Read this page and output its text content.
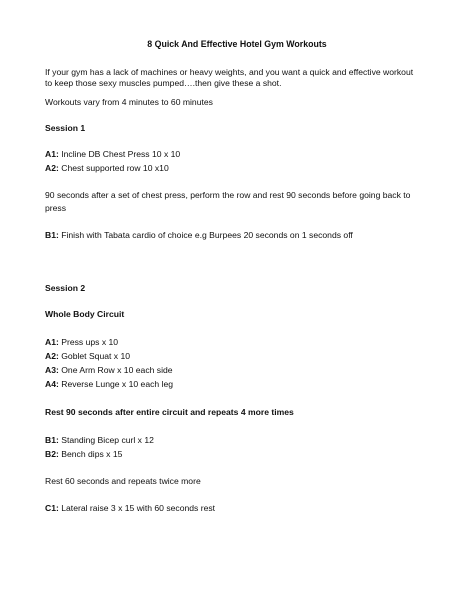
8 Quick And Effective Hotel Gym Workouts
If your gym has a lack of machines or heavy weights, and you want a quick and effective workout
to keep those sexy muscles pumped….then give these a shot.
Workouts vary from 4 minutes to 60 minutes
Session 1
A1: Incline DB Chest Press 10 x 10
A2: Chest supported row 10 x10
90 seconds after a set of chest press, perform the row and rest 90 seconds before going back to
press
B1: Finish with Tabata cardio of choice e.g Burpees 20 seconds on 1 seconds off
Session 2
Whole Body Circuit
A1: Press ups x 10
A2: Goblet Squat x 10
A3: One Arm Row x 10 each side
A4: Reverse Lunge x 10 each leg
Rest 90 seconds after entire circuit and repeats 4 more times
B1: Standing Bicep curl x 12
B2: Bench dips x 15
Rest 60 seconds and repeats twice more
C1: Lateral raise 3 x 15 with 60 seconds rest
